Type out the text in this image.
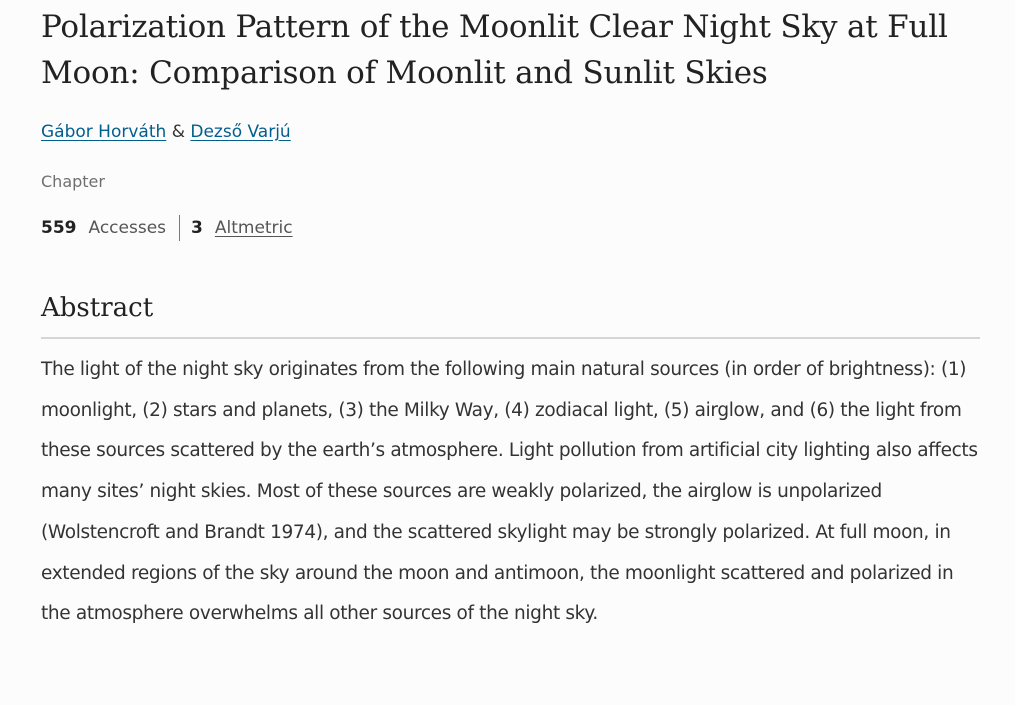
Polarization Pattern of the Moonlit Clear Night Sky at Full Moon: Comparison of Moonlit and Sunlit Skies
Gábor Horváth & Dezső Varjú
Chapter
559 Accesses 3 Altmetric
Abstract

The light of the night sky originates from the following main natural sources (in order of brightness): (1) moonlight, (2) stars and planets, (3) the Milky Way, (4) zodiacal light, (5) airglow, and (6) the light from these sources scattered by the earth’s atmosphere. Light pollution from artificial city lighting also affects many sites’ night skies. Most of these sources are weakly polarized, the airglow is unpolarized (Wolstencroft and Brandt 1974), and the scattered skylight may be strongly polarized. At full moon, in extended regions of the sky around the moon and antimoon, the moonlight scattered and polarized in the atmosphere overwhelms all other sources of the night sky.
